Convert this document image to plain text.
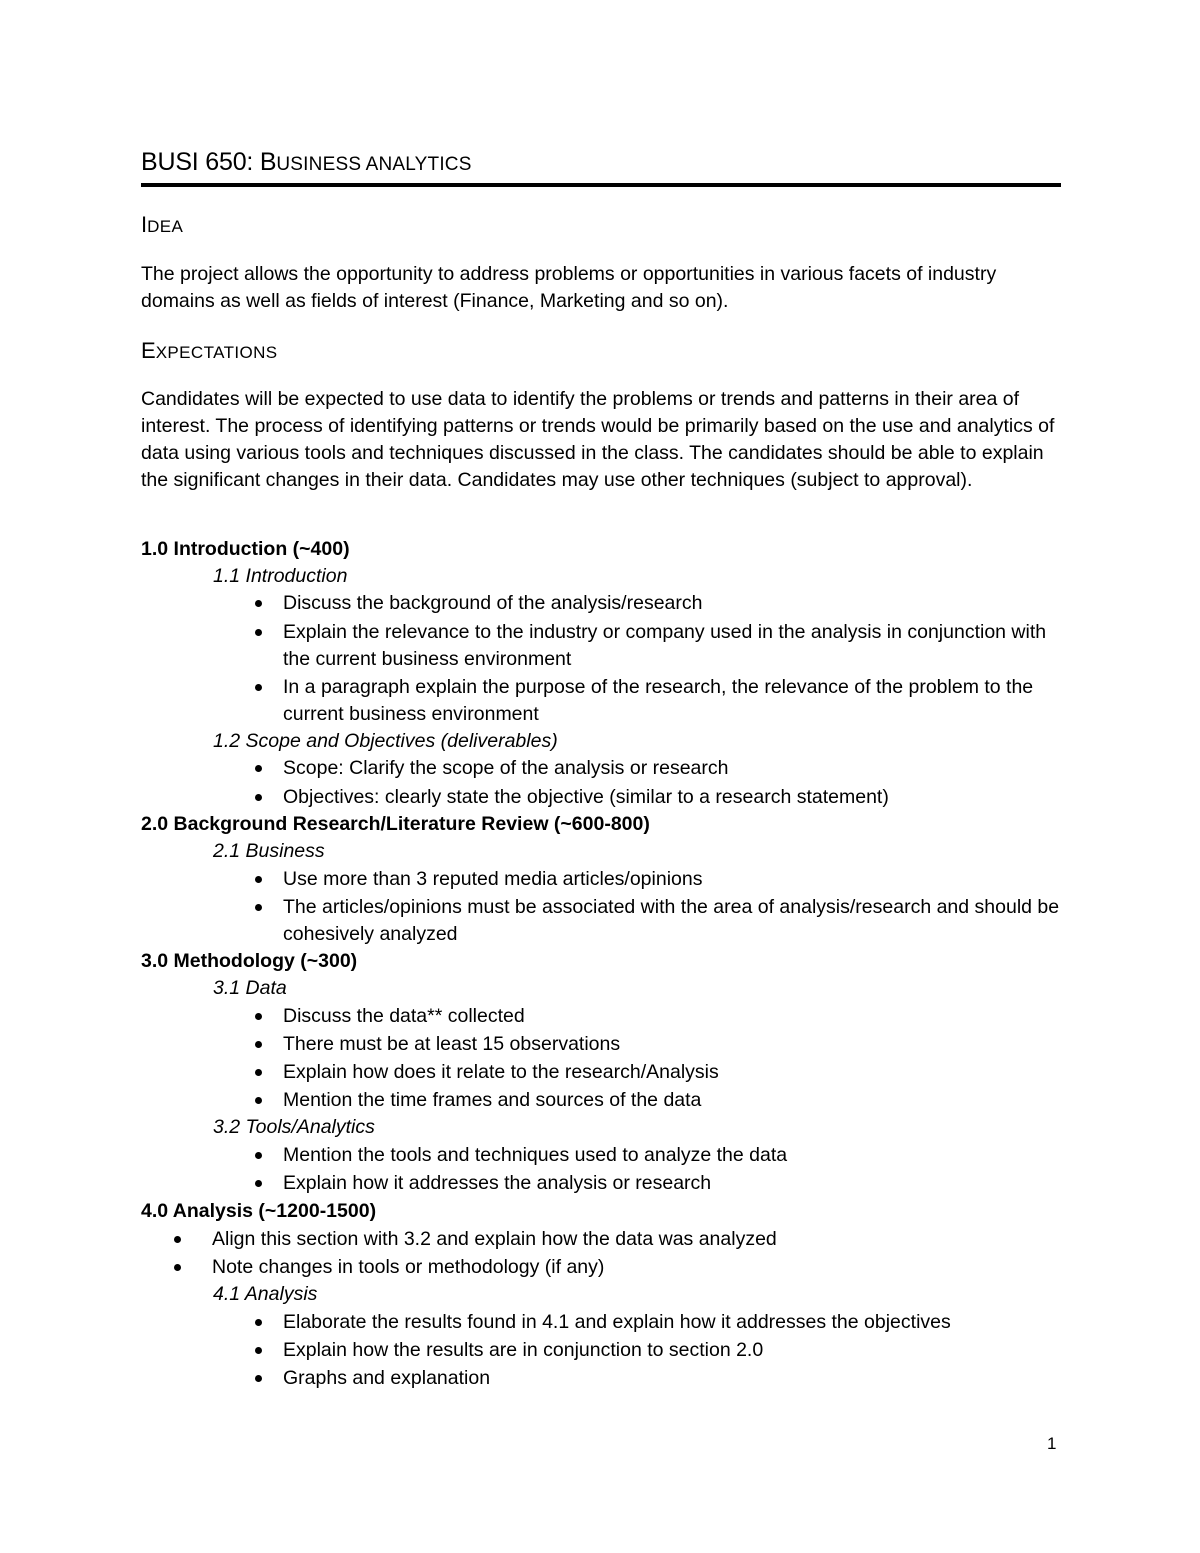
BUSI 650: BUSINESS ANALYTICS
IDEA
The project allows the opportunity to address problems or opportunities in various facets of industry domains as well as fields of interest (Finance, Marketing and so on).
EXPECTATIONS
Candidates will be expected to use data to identify the problems or trends and patterns in their area of interest. The process of identifying patterns or trends would be primarily based on the use and analytics of data using various tools and techniques discussed in the class. The candidates should be able to explain the significant changes in their data. Candidates may use other techniques (subject to approval).
1.0 Introduction (~400)
1.1 Introduction
Discuss the background of the analysis/research
Explain the relevance to the industry or company used in the analysis in conjunction with the current business environment
In a paragraph explain the purpose of the research, the relevance of the problem to the current business environment
1.2 Scope and Objectives (deliverables)
Scope: Clarify the scope of the analysis or research
Objectives: clearly state the objective (similar to a research statement)
2.0 Background Research/Literature Review (~600-800)
2.1 Business
Use more than 3 reputed media articles/opinions
The articles/opinions must be associated with the area of analysis/research and should be cohesively analyzed
3.0 Methodology (~300)
3.1 Data
Discuss the data** collected
There must be at least 15 observations
Explain how does it relate to the research/Analysis
Mention the time frames and sources of the data
3.2 Tools/Analytics
Mention the tools and techniques used to analyze the data
Explain how it addresses the analysis or research
4.0 Analysis (~1200-1500)
Align this section with 3.2 and explain how the data was analyzed
Note changes in tools or methodology (if any)
4.1 Analysis
Elaborate the results found in 4.1 and explain how it addresses the objectives
Explain how the results are in conjunction to section 2.0
Graphs and explanation
1
